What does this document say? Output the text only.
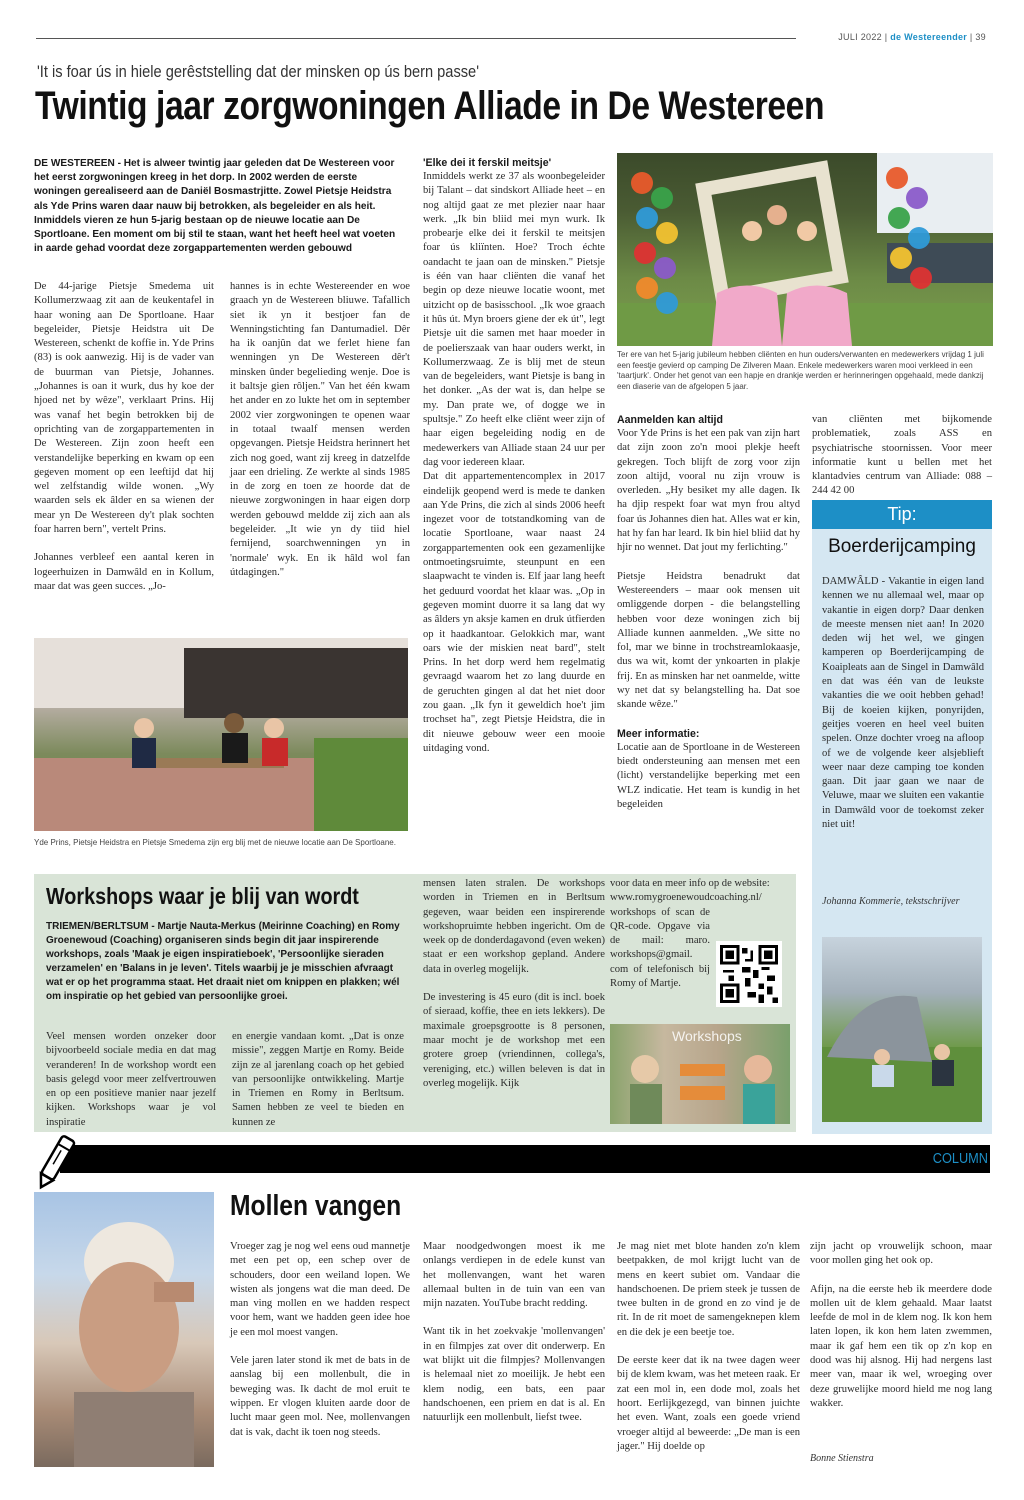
JULI 2022 | de Westereender | 39
'It is foar ús in hiele gerêststelling dat der minsken op ús bern passe'
Twintig jaar zorgwoningen Alliade in De Westereen
DE WESTEREEN - Het is alweer twintig jaar geleden dat De Westereen voor het eerst zorgwoningen kreeg in het dorp. In 2002 werden de eerste woningen gerealiseerd aan de Daniël Bosmastrjitte. Zowel Pietsje Heidstra als Yde Prins waren daar nauw bij betrokken, als begeleider en als heit. Inmiddels vieren ze hun 5-jarig bestaan op de nieuwe locatie aan De Sportloane. Een moment om bij stil te staan, want het heeft heel wat voeten in aarde gehad voordat deze zorgappartementen werden gebouwd

De 44-jarige Pietsje Smedema uit Kollumerzwaag zit aan de keukentafel in haar woning aan De Sportloane. Haar begeleider, Pietsje Heidstra uit De Westereen, schenkt de koffie in. Yde Prins (83) is ook aanwezig. Hij is de vader van de buurman van Pietsje, Johannes. „Johannes is oan it wurk, dus hy koe der hjoed net by wêze", verklaart Prins. Hij was vanaf het begin betrokken bij de oprichting van de zorgappartementen in De Westereen. Zijn zoon heeft een verstandelijke beperking en kwam op een gegeven moment op een leeftijd dat hij wel zelfstandig wilde wonen. „Wy waarden sels ek âlder en sa wienen der mear yn De Westereen dy't plak sochten foar harren bern", vertelt Prins.

Johannes verbleef een aantal keren in logeerhuizen in Damwâld en in Kollum, maar dat was geen succes. „Jo-

hannes is in echte Westereender en woe graach yn de Westereen bliuwe. Tafallich siet ik yn it bestjoer fan de Wenningstichting fan Dantumadiel. Dêr ha ik oanjûn dat we ferlet hiene fan wenningen yn De Westereen dêr't minsken ûnder begelieding wenje. Doe is it baltsje gien rôljen." Van het één kwam het ander en zo lukte het om in september 2002 vier zorgwoningen te openen waar in totaal twaalf mensen werden opgevangen. Pietsje Heidstra herinnert het zich nog goed, want zij kreeg in datzelfde jaar een drieling. Ze werkte al sinds 1985 in de zorg en toen ze hoorde dat de nieuwe zorgwoningen in haar eigen dorp werden gebouwd meldde zij zich aan als begeleider. „It wie yn dy tiid hiel fernijend, soarchwenningen yn in 'normale' wyk. En ik hâld wol fan útdagingen."

'Elke dei it ferskil meitsje'

Inmiddels werkt ze 37 als woonbegeleider bij Talant – dat sindskort Alliade heet – en nog altijd gaat ze met plezier naar haar werk. „Ik bin bliid mei myn wurk. Ik probearje elke dei it ferskil te meitsjen foar ús kliïnten. Hoe? Troch échte oandacht te jaan oan de minsken." Pietsje is één van haar cliënten die vanaf het begin op deze nieuwe locatie woont, met uitzicht op de basisschool. „Ik woe graach it hûs út. Myn broers giene der ek út", legt Pietsje uit die samen met haar moeder in de poelierszaak van haar ouders werkt, in Kollumerzwaag. Ze is blij met de steun van de begeleiders, want Pietsje is bang in het donker. „As der wat is, dan helpe se my. Dan prate we, of dogge we in spultsje." Zo heeft elke cliënt weer zijn of haar eigen begeleiding nodig en de medewerkers van Alliade staan 24 uur per dag voor iedereen klaar.

Dat dit appartementencomplex in 2017 eindelijk geopend werd is mede te danken aan Yde Prins, die zich al sinds 2006 heeft ingezet voor de totstandkoming van de locatie Sportloane, waar naast 24 zorgappartementen ook een gezamenlijke ontmoetingsruimte, steunpunt en een slaapwacht te vinden is. Elf jaar lang heeft het geduurd voordat het klaar was. „Op in gegeven momint duorre it sa lang dat wy as âlders yn aksje kamen en druk útfierden op it haadkantoar. Gelokkich mar, want oars wie der miskien neat bard", stelt Prins. In het dorp werd hem regelmatig gevraagd waarom het zo lang duurde en de geruchten gingen al dat het niet door zou gaan. „Ik fyn it geweldich hoe't jim trochset ha", zegt Pietsje Heidstra, die in dit nieuwe gebouw weer een mooie uitdaging vond.

Ter ere van het 5-jarig jubileum hebben cliënten en hun ouders/verwanten en medewerkers vrijdag 1 juli een feestje gevierd op camping De Zilveren Maan. Enkele medewerkers waren mooi verkleed in een 'taartjurk'. Onder het genot van een hapje en drankje werden er herinneringen opgehaald, mede dankzij een diaserie van de afgelopen 5 jaar.
Aanmelden kan altijd

Voor Yde Prins is het een pak van zijn hart dat zijn zoon zo'n mooi plekje heeft gekregen. Toch blijft de zorg voor zijn zoon altijd, vooral nu zijn vrouw is overleden. „Hy besiket my alle dagen. Ik ha djip respekt foar wat myn frou altyd foar ús Johannes dien hat. Alles wat er kin, hat hy fan har leard. Ik bin hiel bliid dat hy hjir no wennet. Dat jout my ferlichting."

Pietsje Heidstra benadrukt dat Westereenders – maar ook mensen uit omliggende dorpen - die belangstelling hebben voor deze woningen zich bij Alliade kunnen aanmelden. „We sitte no fol, mar we binne in trochstreamlokaasje, dus wa wit, komt der ynkoarten in plakje frij. En as minsken har net oanmelde, witte wy net dat sy belangstelling ha. Dat soe skande wêze."

Meer informatie:

Locatie aan de Sportloane in de Westereen biedt ondersteuning aan mensen met een (licht) verstandelijke beperking met een WLZ indicatie. Het team is kundig in het begeleiden

van cliënten met bijkomende problematiek, zoals ASS en psychiatrische stoornissen. Voor meer informatie kunt u bellen met het klantadvies centrum van Alliade: 088 – 244 42 00

Yde Prins, Pietsje Heidstra en Pietsje Smedema zijn erg blij met de nieuwe locatie aan De Sportloane.
Tip:
Boerderijcamping
DAMWÂLD - Vakantie in eigen land kennen we nu allemaal wel, maar op vakantie in eigen dorp? Daar denken de meeste mensen niet aan! In 2020 deden wij het wel, we gingen kamperen op Boerderijcamping de Koaipleats aan de Singel in Damwâld en dat was één van de leukste vakanties die we ooit hebben gehad! Bij de koeien kijken, ponyrijden, geitjes voeren en heel veel buiten spelen. Onze dochter vroeg na afloop of we de volgende keer alsjeblieft weer naar deze camping toe konden gaan. Dit jaar gaan we naar de Veluwe, maar we sluiten een vakantie in Damwâld voor de toekomst zeker niet uit!
Johanna Kommerie, tekstschrijver
Workshops waar je blij van wordt
TRIEMEN/BERLTSUM - Martje Nauta-Merkus (Meirinne Coaching) en Romy Groenewoud (Coaching) organiseren sinds begin dit jaar inspirerende workshops, zoals 'Maak je eigen inspiratieboek', 'Persoonlijke sieraden verzamelen' en 'Balans in je leven'. Titels waarbij je je misschien afvraagt wat er op het programma staat. Het draait niet om knippen en plakken; wél om inspiratie op het gebied van persoonlijke groei.

Veel mensen worden onzeker door bijvoorbeeld sociale media en dat mag veranderen! In de workshop wordt een basis gelegd voor meer zelfvertrouwen en op een positieve manier naar jezelf kijken. Workshops waar je vol inspiratie

en energie vandaan komt. „Dat is onze missie", zeggen Martje en Romy. Beide zijn ze al jarenlang coach op het gebied van persoonlijke ontwikkeling. Martje in Triemen en Romy in Berltsum. Samen hebben ze veel te bieden en kunnen ze

mensen laten stralen. De workshops worden in Triemen en in Berltsum gegeven, waar beiden een inspirerende workshopruimte hebben ingericht. Om de week op de donderdagavond (even weken) staat er een workshop gepland. Andere data in overleg mogelijk.

De investering is 45 euro (dit is incl. boek of sieraad, koffie, thee en iets lekkers). De maximale groepsgrootte is 8 personen, maar mocht je de workshop met een grotere groep (vriendinnen, collega's, vereniging, etc.) willen beleven is dat in overleg mogelijk. Kijk

voor data en meer info op de website:

www.romygroenewoudcoaching.nl/

workshops of scan de QR-code. Opgave via de mail: maro. workshops@gmail. com of telefonisch bij Romy of Martje.

Workshops
COLUMN
Mollen vangen

Vroeger zag je nog wel eens oud mannetje met een pet op, een schep over de schouders, door een weiland lopen. We wisten als jongens wat die man deed. De man ving mollen en we hadden respect voor hem, want we hadden geen idee hoe je een mol moest vangen.

Vele jaren later stond ik met de bats in de aanslag bij een mollenbult, die in beweging was. Ik dacht de mol eruit te wippen. Er vlogen kluiten aarde door de lucht maar geen mol. Nee, mollenvangen dat is vak, dacht ik toen nog steeds.

Maar noodgedwongen moest ik me onlangs verdiepen in de edele kunst van het mollenvangen, want het waren allemaal bulten in de tuin van een van mijn nazaten. YouTube bracht redding.

Want tik in het zoekvakje 'mollenvangen' in en filmpjes zat over dit onderwerp. En wat blijkt uit die filmpjes? Mollenvangen is helemaal niet zo moeilijk. Je hebt een klem nodig, een bats, een paar handschoenen, een priem en dat is al. En natuurlijk een mollenbult, liefst twee.

Je mag niet met blote handen zo'n klem beetpakken, de mol krijgt lucht van de mens en keert subiet om. Vandaar die handschoenen. De priem steek je tussen de twee bulten in de grond en zo vind je de rit. In de rit moet de samengeknepen klem en die dek je een beetje toe.

De eerste keer dat ik na twee dagen weer bij de klem kwam, was het meteen raak. Er zat een mol in, een dode mol, zoals het hoort. Eerlijkgezegd, van binnen juichte het even. Want, zoals een goede vriend vroeger altijd al beweerde: „De man is een jager." Hij doelde op

zijn jacht op vrouwelijk schoon, maar voor mollen ging het ook op.

Afijn, na die eerste heb ik meerdere dode mollen uit de klem gehaald. Maar laatst leefde de mol in de klem nog. Ik kon hem laten lopen, ik kon hem laten zwemmen, maar ik gaf hem een tik op z'n kop en dood was hij alsnog. Hij had nergens last meer van, maar ik wel, wroeging over deze gruwelijke moord hield me nog lang wakker.

Bonne Stienstra
